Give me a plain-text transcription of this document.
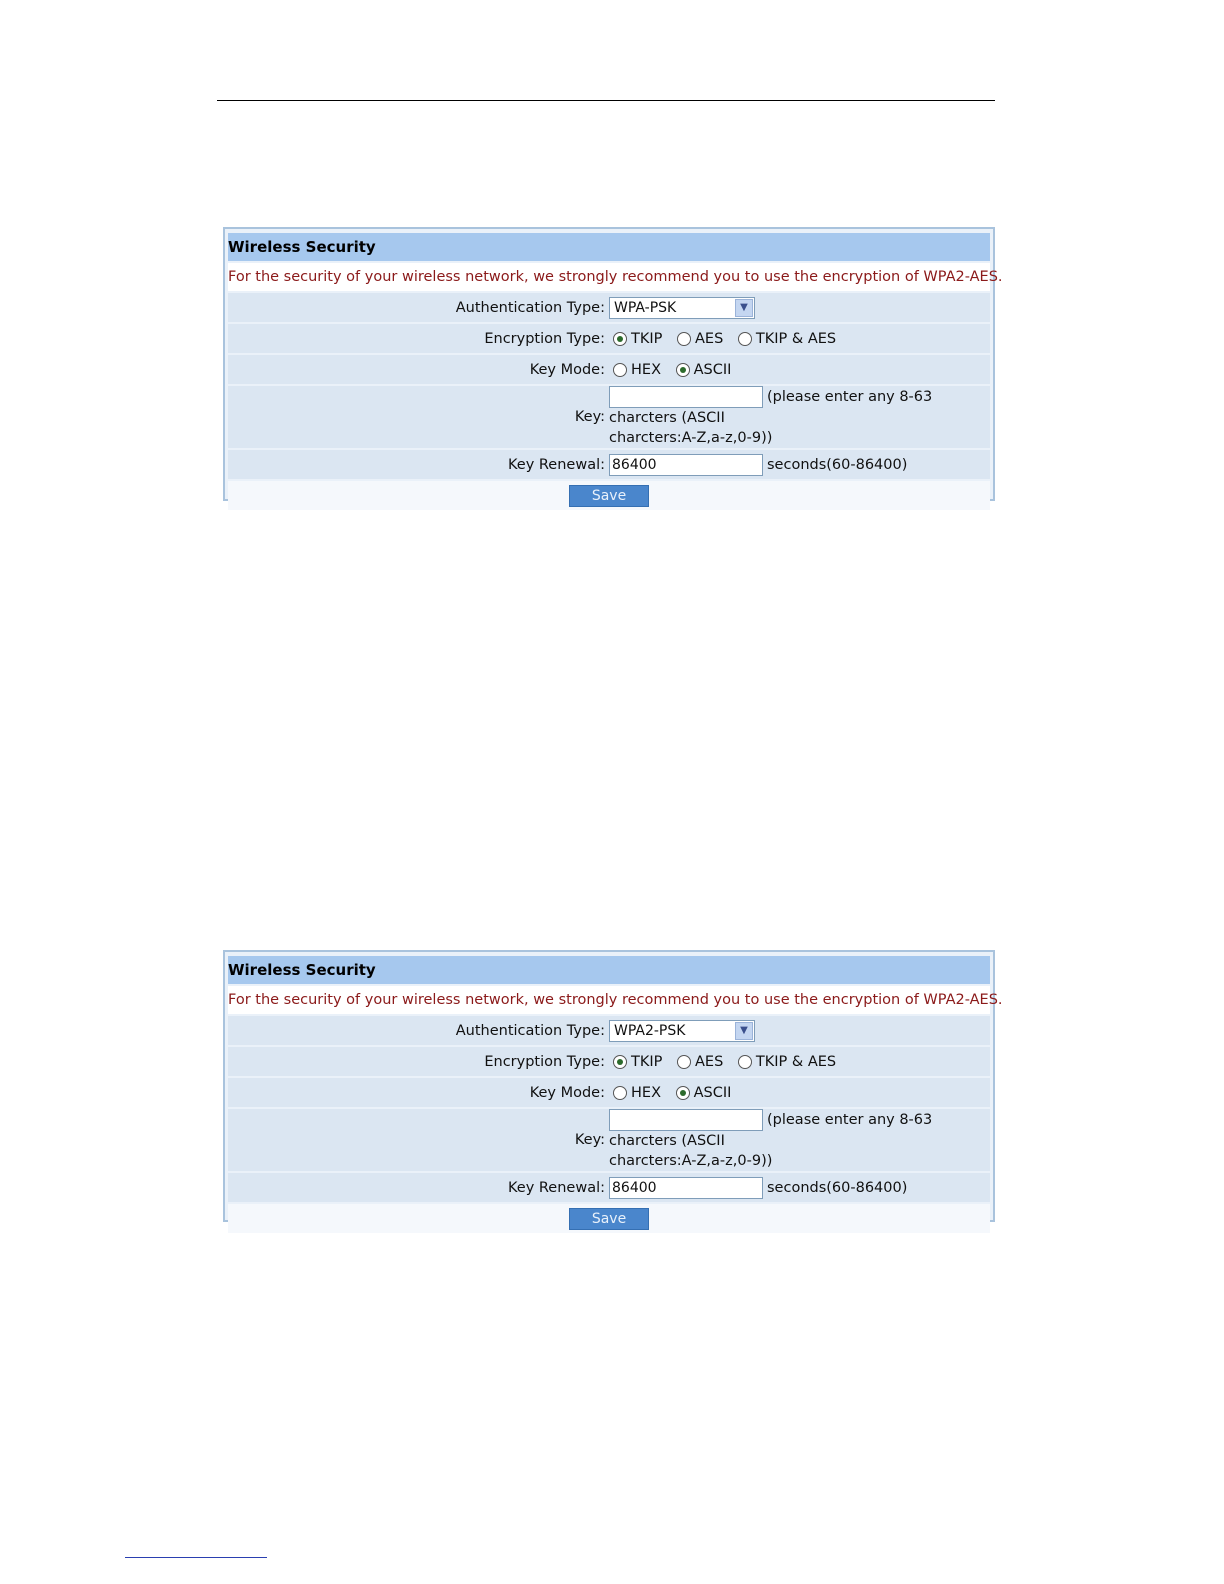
Wireless Security	
For the security of your wireless network, we strongly recommend you to use the encryption of WPA2-AES.	
Authentication Type:	WPA-PSK ▼

Encryption Type:	TKIP AES TKIP & AES
Key Mode:	HEX ASCII
Key:	(please enter any 8-63 charcters (ASCII
charcters:A-Z,a-z,0-9))
Key Renewal:	86400 seconds(60-86400)
Save	
Wireless Security	
For the security of your wireless network, we strongly recommend you to use the encryption of WPA2-AES.	
Authentication Type:	WPA2-PSK ▼

Encryption Type:	TKIP AES TKIP & AES
Key Mode:	HEX ASCII
Key:	(please enter any 8-63 charcters (ASCII
charcters:A-Z,a-z,0-9))
Key Renewal:	86400 seconds(60-86400)
Save	
